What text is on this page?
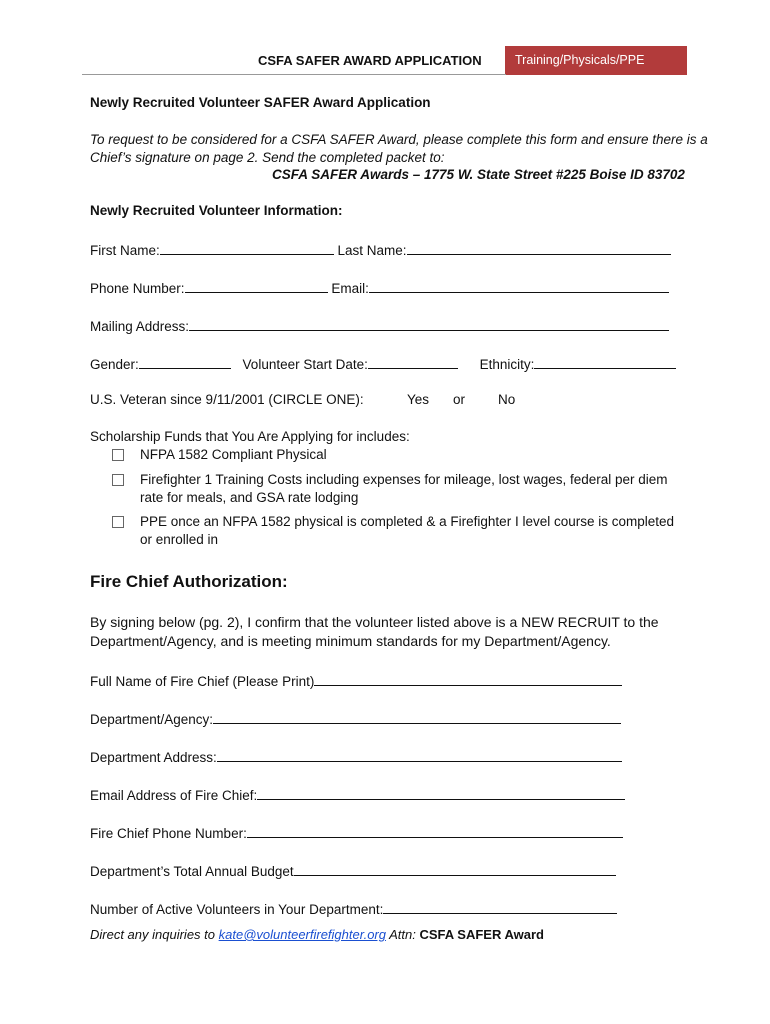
CSFA SAFER AWARD APPLICATION	Training/Physicals/PPE
Newly Recruited Volunteer SAFER Award Application
To request to be considered for a CSFA SAFER Award, please complete this form and ensure there is a
Chief’s signature on page 2. Send the completed packet to:
CSFA SAFER Awards – 1775 W. State Street #225 Boise ID 83702
Newly Recruited Volunteer Information:
First Name:	Last Name:
Phone Number:	Email:
Mailing Address:
Gender:	Volunteer Start Date:	Ethnicity:
U.S. Veteran since 9/11/2001 (CIRCLE ONE):	Yes or No
Scholarship Funds that You Are Applying for includes:
NFPA 1582 Compliant Physical
Firefighter 1 Training Costs including expenses for mileage, lost wages, federal per diem rate for meals, and GSA rate lodging
PPE once an NFPA 1582 physical is completed & a Firefighter I level course is completed or enrolled in
Fire Chief Authorization:
By signing below (pg. 2), I confirm that the volunteer listed above is a NEW RECRUIT to the
Department/Agency, and is meeting minimum standards for my Department/Agency.
Full Name of Fire Chief (Please Print)
Department/Agency:
Department Address:
Email Address of Fire Chief:
Fire Chief Phone Number:
Department’s Total Annual Budget
Number of Active Volunteers in Your Department:
Direct any inquiries to kate@volunteerfirefighter.org Attn: CSFA SAFER Award
